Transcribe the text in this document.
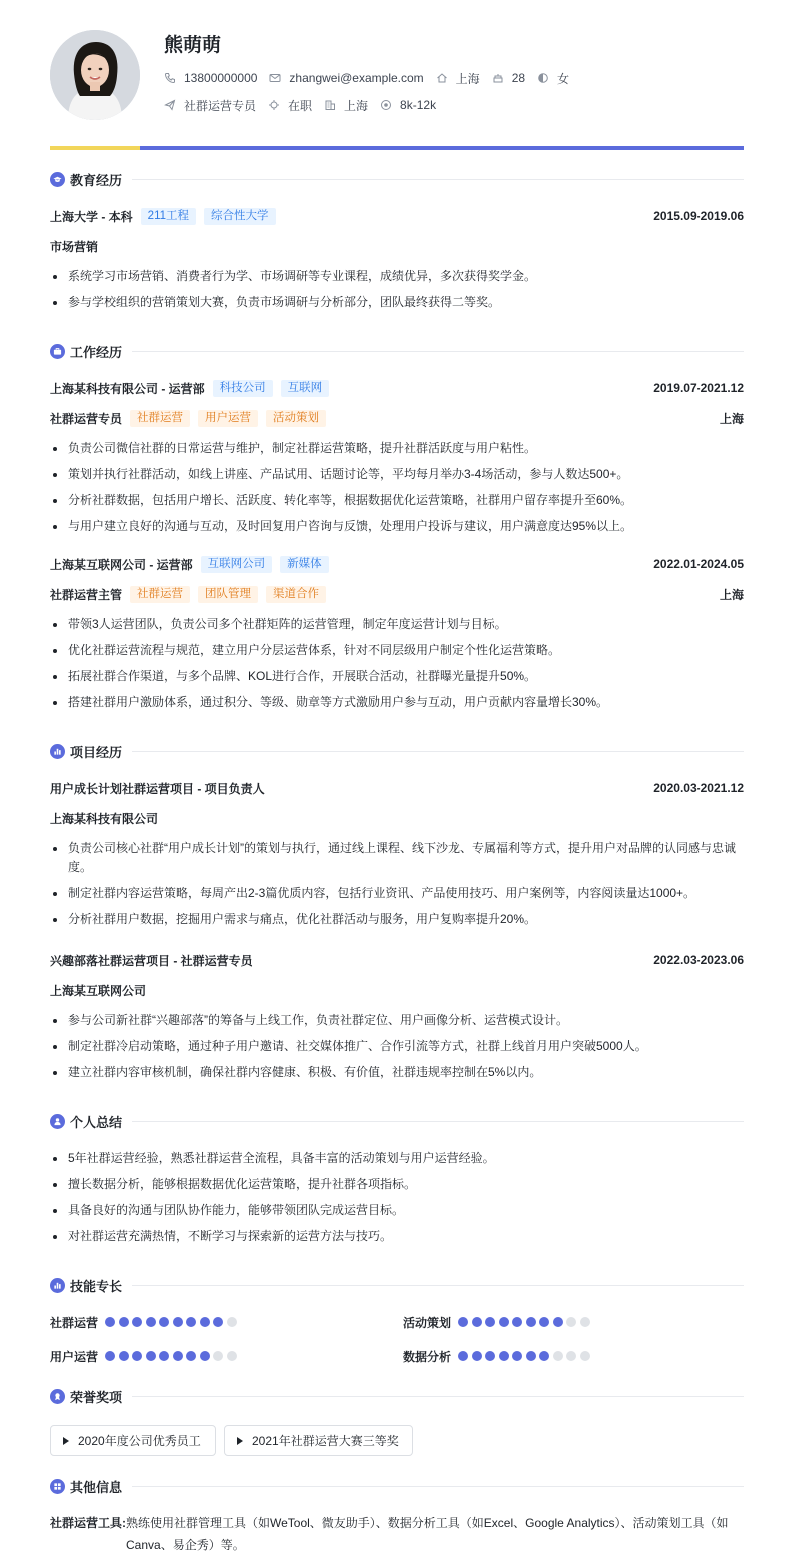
熊萌萌
13800000000	zhangwei@example.com	上海	28	女
社群运营专员	在职	上海	8k-12k
教育经历
上海大学 - 本科	211工程	综合性大学	2015.09-2019.06
市场营销
系统学习市场营销、消费者行为学、市场调研等专业课程，成绩优异，多次获得奖学金。
参与学校组织的营销策划大赛，负责市场调研与分析部分，团队最终获得二等奖。
工作经历
上海某科技有限公司 - 运营部	科技公司	互联网	2019.07-2021.12
社群运营专员	社群运营	用户运营	活动策划	上海
负责公司微信社群的日常运营与维护，制定社群运营策略，提升社群活跃度与用户粘性。
策划并执行社群活动，如线上讲座、产品试用、话题讨论等，平均每月举办3-4场活动，参与人数达500+。
分析社群数据，包括用户增长、活跃度、转化率等，根据数据优化运营策略，社群用户留存率提升至60%。
与用户建立良好的沟通与互动，及时回复用户咨询与反馈，处理用户投诉与建议，用户满意度达95%以上。
上海某互联网公司 - 运营部	互联网公司	新媒体	2022.01-2024.05
社群运营主管	社群运营	团队管理	渠道合作	上海
带领3人运营团队，负责公司多个社群矩阵的运营管理，制定年度运营计划与目标。
优化社群运营流程与规范，建立用户分层运营体系，针对不同层级用户制定个性化运营策略。
拓展社群合作渠道，与多个品牌、KOL进行合作，开展联合活动，社群曝光量提升50%。
搭建社群用户激励体系，通过积分、等级、勋章等方式激励用户参与互动，用户贡献内容量增长30%。
项目经历
用户成长计划社群运营项目 - 项目负责人	2020.03-2021.12
上海某科技有限公司
负责公司核心社群“用户成长计划”的策划与执行，通过线上课程、线下沙龙、专属福利等方式，提升用户对品牌的认同感与忠诚度。
制定社群内容运营策略，每周产出2-3篇优质内容，包括行业资讯、产品使用技巧、用户案例等，内容阅读量达1000+。
分析社群用户数据，挖掘用户需求与痛点，优化社群活动与服务，用户复购率提升20%。
兴趣部落社群运营项目 - 社群运营专员	2022.03-2023.06
上海某互联网公司
参与公司新社群“兴趣部落”的筹备与上线工作，负责社群定位、用户画像分析、运营模式设计。
制定社群冷启动策略，通过种子用户邀请、社交媒体推广、合作引流等方式，社群上线首月用户突破5000人。
建立社群内容审核机制，确保社群内容健康、积极、有价值，社群违规率控制在5%以内。
个人总结
5年社群运营经验，熟悉社群运营全流程，具备丰富的活动策划与用户运营经验。
擅长数据分析，能够根据数据优化运营策略，提升社群各项指标。
具备良好的沟通与团队协作能力，能够带领团队完成运营目标。
对社群运营充满热情，不断学习与探索新的运营方法与技巧。
技能专长
社群运营	活动策划
用户运营	数据分析
荣誉奖项
2020年度公司优秀员工	2021年社群运营大赛三等奖
其他信息
社群运营工具: 熟练使用社群管理工具（如WeTool、微友助手）、数据分析工具（如Excel、Google Analytics）、活动策划工具（如Canva、易企秀）等。
